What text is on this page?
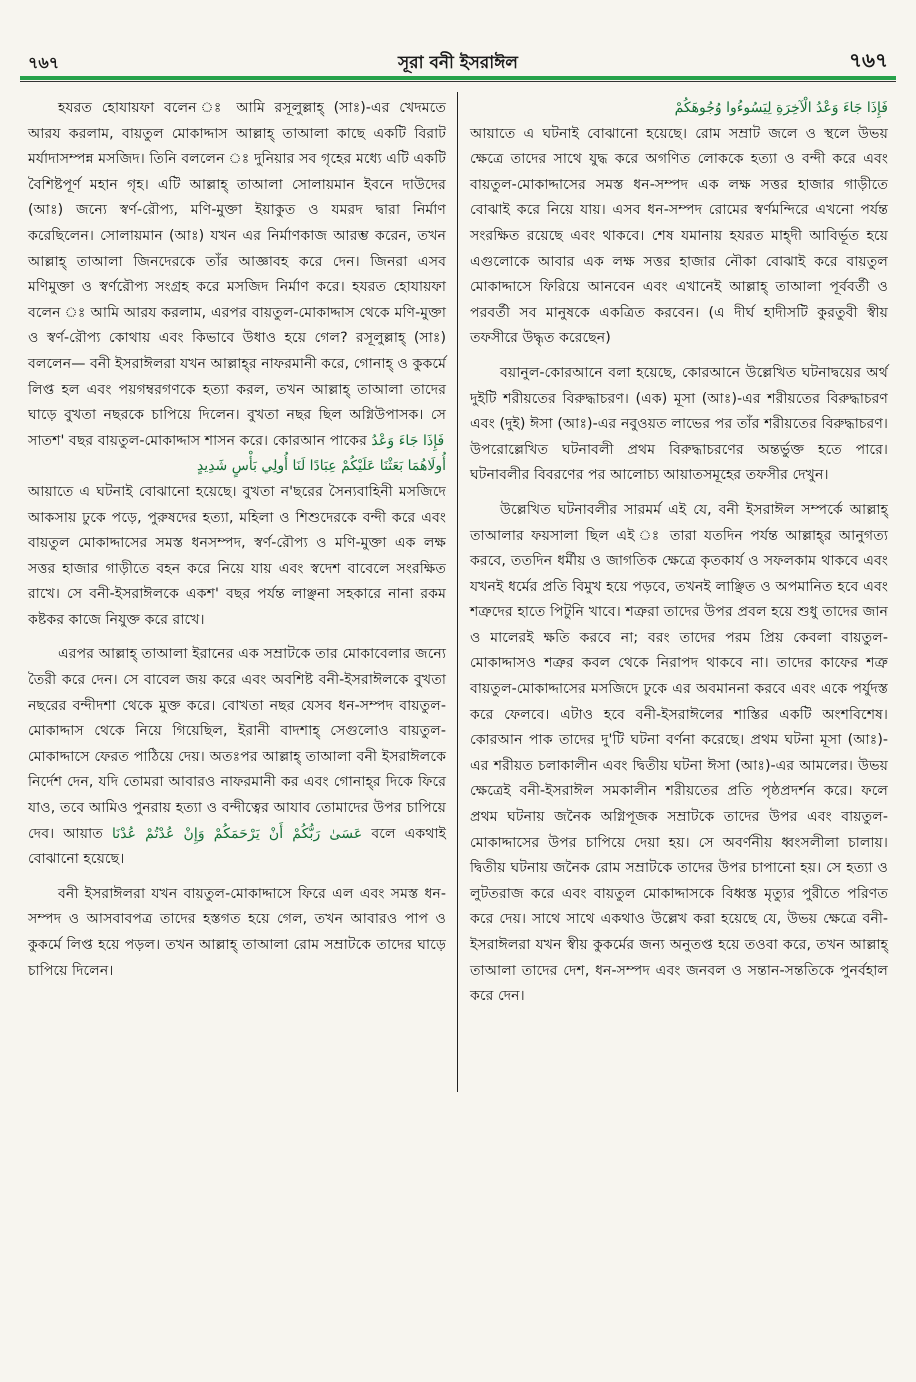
৭৬৭	সূরা বনী ইসরাঈল	৭৬৭

হযরত হোযায়ফা বলেন ঃ আমি রসূলুল্লাহ্ (সাঃ)-এর খেদমতে আরয করলাম, বায়তুল মোকাদ্দাস আল্লাহ্ তাআলা কাছে একটি বিরাট মর্যাদাসম্পন্ন মসজিদ। তিনি বললেন ঃ দুনিয়ার সব গৃহের মধ্যে এটি একটি বৈশিষ্টপূর্ণ মহান গৃহ। এটি আল্লাহ্ তাআলা সোলায়মান ইবনে দাউদের (আঃ) জন্যে স্বর্ণ-রৌপ্য, মণি-মুক্তা ইয়াকুত ও যমরদ দ্বারা নির্মাণ করেছিলেন। সোলায়মান (আঃ) যখন এর নির্মাণকাজ আরম্ভ করেন, তখন আল্লাহ্ তাআলা জিনদেরকে তাঁর আজ্ঞাবহ করে দেন। জিনরা এসব মণিমুক্তা ও স্বর্ণরৌপ্য সংগ্রহ করে মসজিদ নির্মাণ করে। হযরত হোযায়ফা বলেন ঃ আমি আরয করলাম, এরপর বায়তুল-মোকাদ্দাস থেকে মণি-মুক্তা ও স্বর্ণ-রৌপ্য কোথায় এবং কিভাবে উধাও হয়ে গেল? রসূলুল্লাহ্ (সাঃ) বললেন— বনী ইসরাঈলরা যখন আল্লাহ্‌র নাফরমানী করে, গোনাহ্ ও কুকর্মে লিপ্ত হল এবং পয়গম্বরগণকে হত্যা করল, তখন আল্লাহ্ তাআলা তাদের ঘাড়ে বুখতা নছরকে চাপিয়ে দিলেন। বুখতা নছর ছিল অগ্নিউপাসক। সে সাতশ' বছর বায়তুল-মোকাদ্দাস শাসন করে। কোরআন পাকের فَإِذَا جَاءَ وَعْدُ
أُولَاهُمَا بَعَثْنَا عَلَيْكُمْ عِبَادًا لَنَا أُولِي بَأْسٍ شَدِيدٍ
আয়াতে এ ঘটনাই বোঝানো হয়েছে। বুখতা ন'ছরের সৈন্যবাহিনী মসজিদে আকসায় ঢুকে পড়ে, পুরুষদের হত্যা, মহিলা ও শিশুদেরকে বন্দী করে এবং বায়তুল মোকাদ্দাসের সমস্ত ধনসম্পদ, স্বর্ণ-রৌপ্য ও মণি-মুক্তা এক লক্ষ সত্তর হাজার গাড়ীতে বহন করে নিয়ে যায় এবং স্বদেশ বাবেলে সংরক্ষিত রাখে। সে বনী-ইসরাঈলকে একশ' বছর পর্যন্ত লাঞ্ছনা সহকারে নানা রকম কষ্টকর কাজে নিযুক্ত করে রাখে।

এরপর আল্লাহ্ তাআলা ইরানের এক সম্রাটকে তার মোকাবেলার জন্যে তৈরী করে দেন। সে বাবেল জয় করে এবং অবশিষ্ট বনী-ইসরাঈলকে বুখতা নছরের বন্দীদশা থেকে মুক্ত করে। বোখতা নছর যেসব ধন-সম্পদ বায়তুল-মোকাদ্দাস থেকে নিয়ে গিয়েছিল, ইরানী বাদশাহ্ সেগুলোও বায়তুল-মোকাদ্দাসে ফেরত পাঠিয়ে দেয়। অতঃপর আল্লাহ্ তাআলা বনী ইসরাঈলকে নির্দেশ দেন, যদি তোমরা আবারও নাফরমানী কর এবং গোনাহ্‌র দিকে ফিরে যাও, তবে আমিও পুনরায় হত্যা ও বন্দীত্বের আযাব তোমাদের উপর চাপিয়ে দেব। আয়াত	عَسَىٰ رَبُّكُمْ أَنْ يَرْحَمَكُمْ وَإِنْ عُدْتُمْ عُدْنَا	বলে একথাই বোঝানো হয়েছে।

বনী ইসরাঈলরা যখন বায়তুল-মোকাদ্দাসে ফিরে এল এবং সমস্ত ধন-সম্পদ ও আসবাবপত্র তাদের হস্তগত হয়ে গেল, তখন আবারও পাপ ও কুকর্মে লিপ্ত হয়ে পড়ল। তখন আল্লাহ্ তাআলা রোম সম্রাটকে তাদের ঘাড়ে চাপিয়ে দিলেন।

فَإِذَا جَاءَ وَعْدُ الْآخِرَةِ لِيَسُوءُوا وُجُوهَكُمْ
আয়াতে এ ঘটনাই বোঝানো হয়েছে। রোম সম্রাট জলে ও স্থলে উভয় ক্ষেত্রে তাদের সাথে যুদ্ধ করে অগণিত লোককে হত্যা ও বন্দী করে এবং বায়তুল-মোকাদ্দাসের সমস্ত ধন-সম্পদ এক লক্ষ সত্তর হাজার গাড়ীতে বোঝাই করে নিয়ে যায়। এসব ধন-সম্পদ রোমের স্বর্ণমন্দিরে এখনো পর্যন্ত সংরক্ষিত রয়েছে এবং থাকবে। শেষ যমানায় হযরত মাহ্দী আবির্ভূত হয়ে এগুলোকে আবার এক লক্ষ সত্তর হাজার নৌকা বোঝাই করে বায়তুল মোকাদ্দাসে ফিরিয়ে আনবেন এবং এখানেই আল্লাহ্ তাআলা পূর্ববর্তী ও পরবর্তী সব মানুষকে একত্রিত করবেন। (এ দীর্ঘ হাদীসটি কুরতুবী স্বীয় তফসীরে উদ্ধৃত করেছেন)

বয়ানুল-কোরআনে বলা হয়েছে, কোরআনে উল্লেখিত ঘটনাদ্বয়ের অর্থ দুইটি শরীয়তের বিরুদ্ধাচরণ। (এক) মূসা (আঃ)-এর শরীয়তের বিরুদ্ধাচরণ এবং (দুই) ঈসা (আঃ)-এর নবুওয়ত লাভের পর তাঁর শরীয়তের বিরুদ্ধাচরণ। উপরোল্লেখিত ঘটনাবলী প্রথম বিরুদ্ধাচরণের অন্তর্ভুক্ত হতে পারে। ঘটনাবলীর বিবরণের পর আলোচ্য আয়াতসমূহের তফসীর দেখুন।

উল্লেখিত ঘটনাবলীর সারমর্ম এই যে, বনী ইসরাঈল সম্পর্কে আল্লাহ্ তাআলার ফয়সালা ছিল এই ঃ তারা যতদিন পর্যন্ত আল্লাহ্‌র আনুগত্য করবে, ততদিন ধর্মীয় ও জাগতিক ক্ষেত্রে কৃতকার্য ও সফলকাম থাকবে এবং যখনই ধর্মের প্রতি বিমুখ হয়ে পড়বে, তখনই লাঞ্ছিত ও অপমানিত হবে এবং শত্রুদের হাতে পিটুনি খাবে। শত্রুরা তাদের উপর প্রবল হয়ে শুধু তাদের জান ও মালেরই ক্ষতি করবে না; বরং তাদের পরম প্রিয় কেবলা বায়তুল-মোকাদ্দাসও শত্রুর কবল থেকে নিরাপদ থাকবে না। তাদের কাফের শত্রু বায়তুল-মোকাদ্দাসের মসজিদে ঢুকে এর অবমাননা করবে এবং একে পর্যুদস্ত করে ফেলবে। এটাও হবে বনী-ইসরাঈলের শাস্তির একটি অংশবিশেষ। কোরআন পাক তাদের দু'টি ঘটনা বর্ণনা করেছে। প্রথম ঘটনা মূসা (আঃ)-এর শরীয়ত চলাকালীন এবং দ্বিতীয় ঘটনা ঈসা (আঃ)-এর আমলের। উভয় ক্ষেত্রেই বনী-ইসরাঈল সমকালীন শরীয়তের প্রতি পৃষ্ঠপ্রদর্শন করে। ফলে প্রথম ঘটনায় জনৈক অগ্নিপূজক সম্রাটকে তাদের উপর এবং বায়তুল-মোকাদ্দাসের উপর চাপিয়ে দেয়া হয়। সে অবর্ণনীয় ধ্বংসলীলা চালায়। দ্বিতীয় ঘটনায় জনৈক রোম সম্রাটকে তাদের উপর চাপানো হয়। সে হত্যা ও লুটতরাজ করে এবং বায়তুল মোকাদ্দাসকে বিধ্বস্ত মৃত্যুর পুরীতে পরিণত করে দেয়। সাথে সাথে একথাও উল্লেখ করা হয়েছে যে, উভয় ক্ষেত্রে বনী-ইসরাঈলরা যখন স্বীয় কুকর্মের জন্য অনুতপ্ত হয়ে তওবা করে, তখন আল্লাহ্ তাআলা তাদের দেশ, ধন-সম্পদ এবং জনবল ও সন্তান-সন্ততিকে পুনর্বহাল করে দেন।
